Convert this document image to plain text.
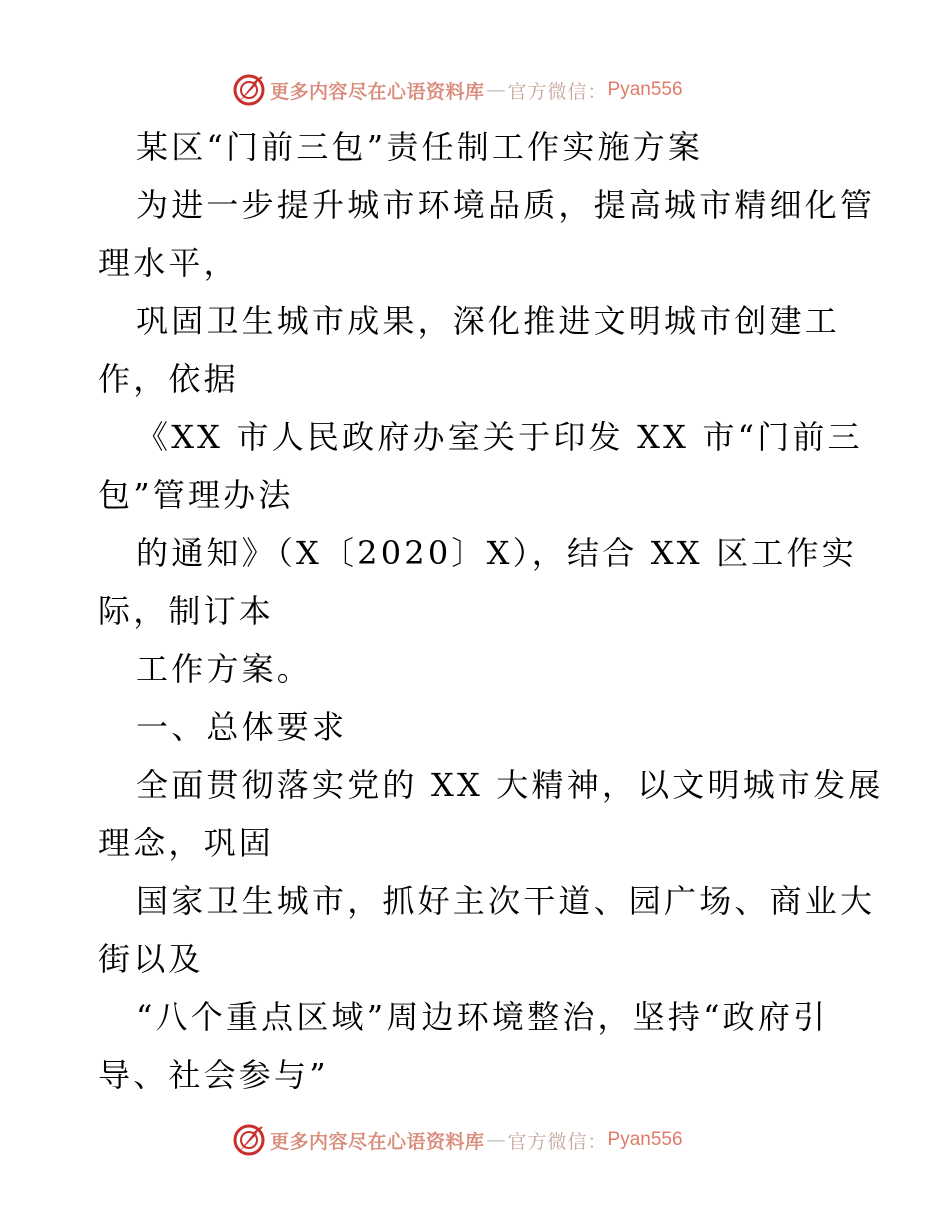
更多内容尽在心语资料库 — 官方微信： Pyan556
某区“门前三包”责任制工作实施方案
为进一步提升城市环境品质，提高城市精细化管
理水平，
巩固卫生城市成果，深化推进文明城市创建工
作，依据
《XX 市人民政府办室关于印发 XX 市“门前三
包”管理办法
的通知》（X〔2020〕X），结合 XX 区工作实
际，制订本
工作方案。
一、总体要求
全面贯彻落实党的 XX 大精神，以文明城市发展
理念，巩固
国家卫生城市，抓好主次干道、园广场、商业大
街以及
“八个重点区域”周边环境整治，坚持“政府引
导、社会参与”
更多内容尽在心语资料库 — 官方微信： Pyan556
